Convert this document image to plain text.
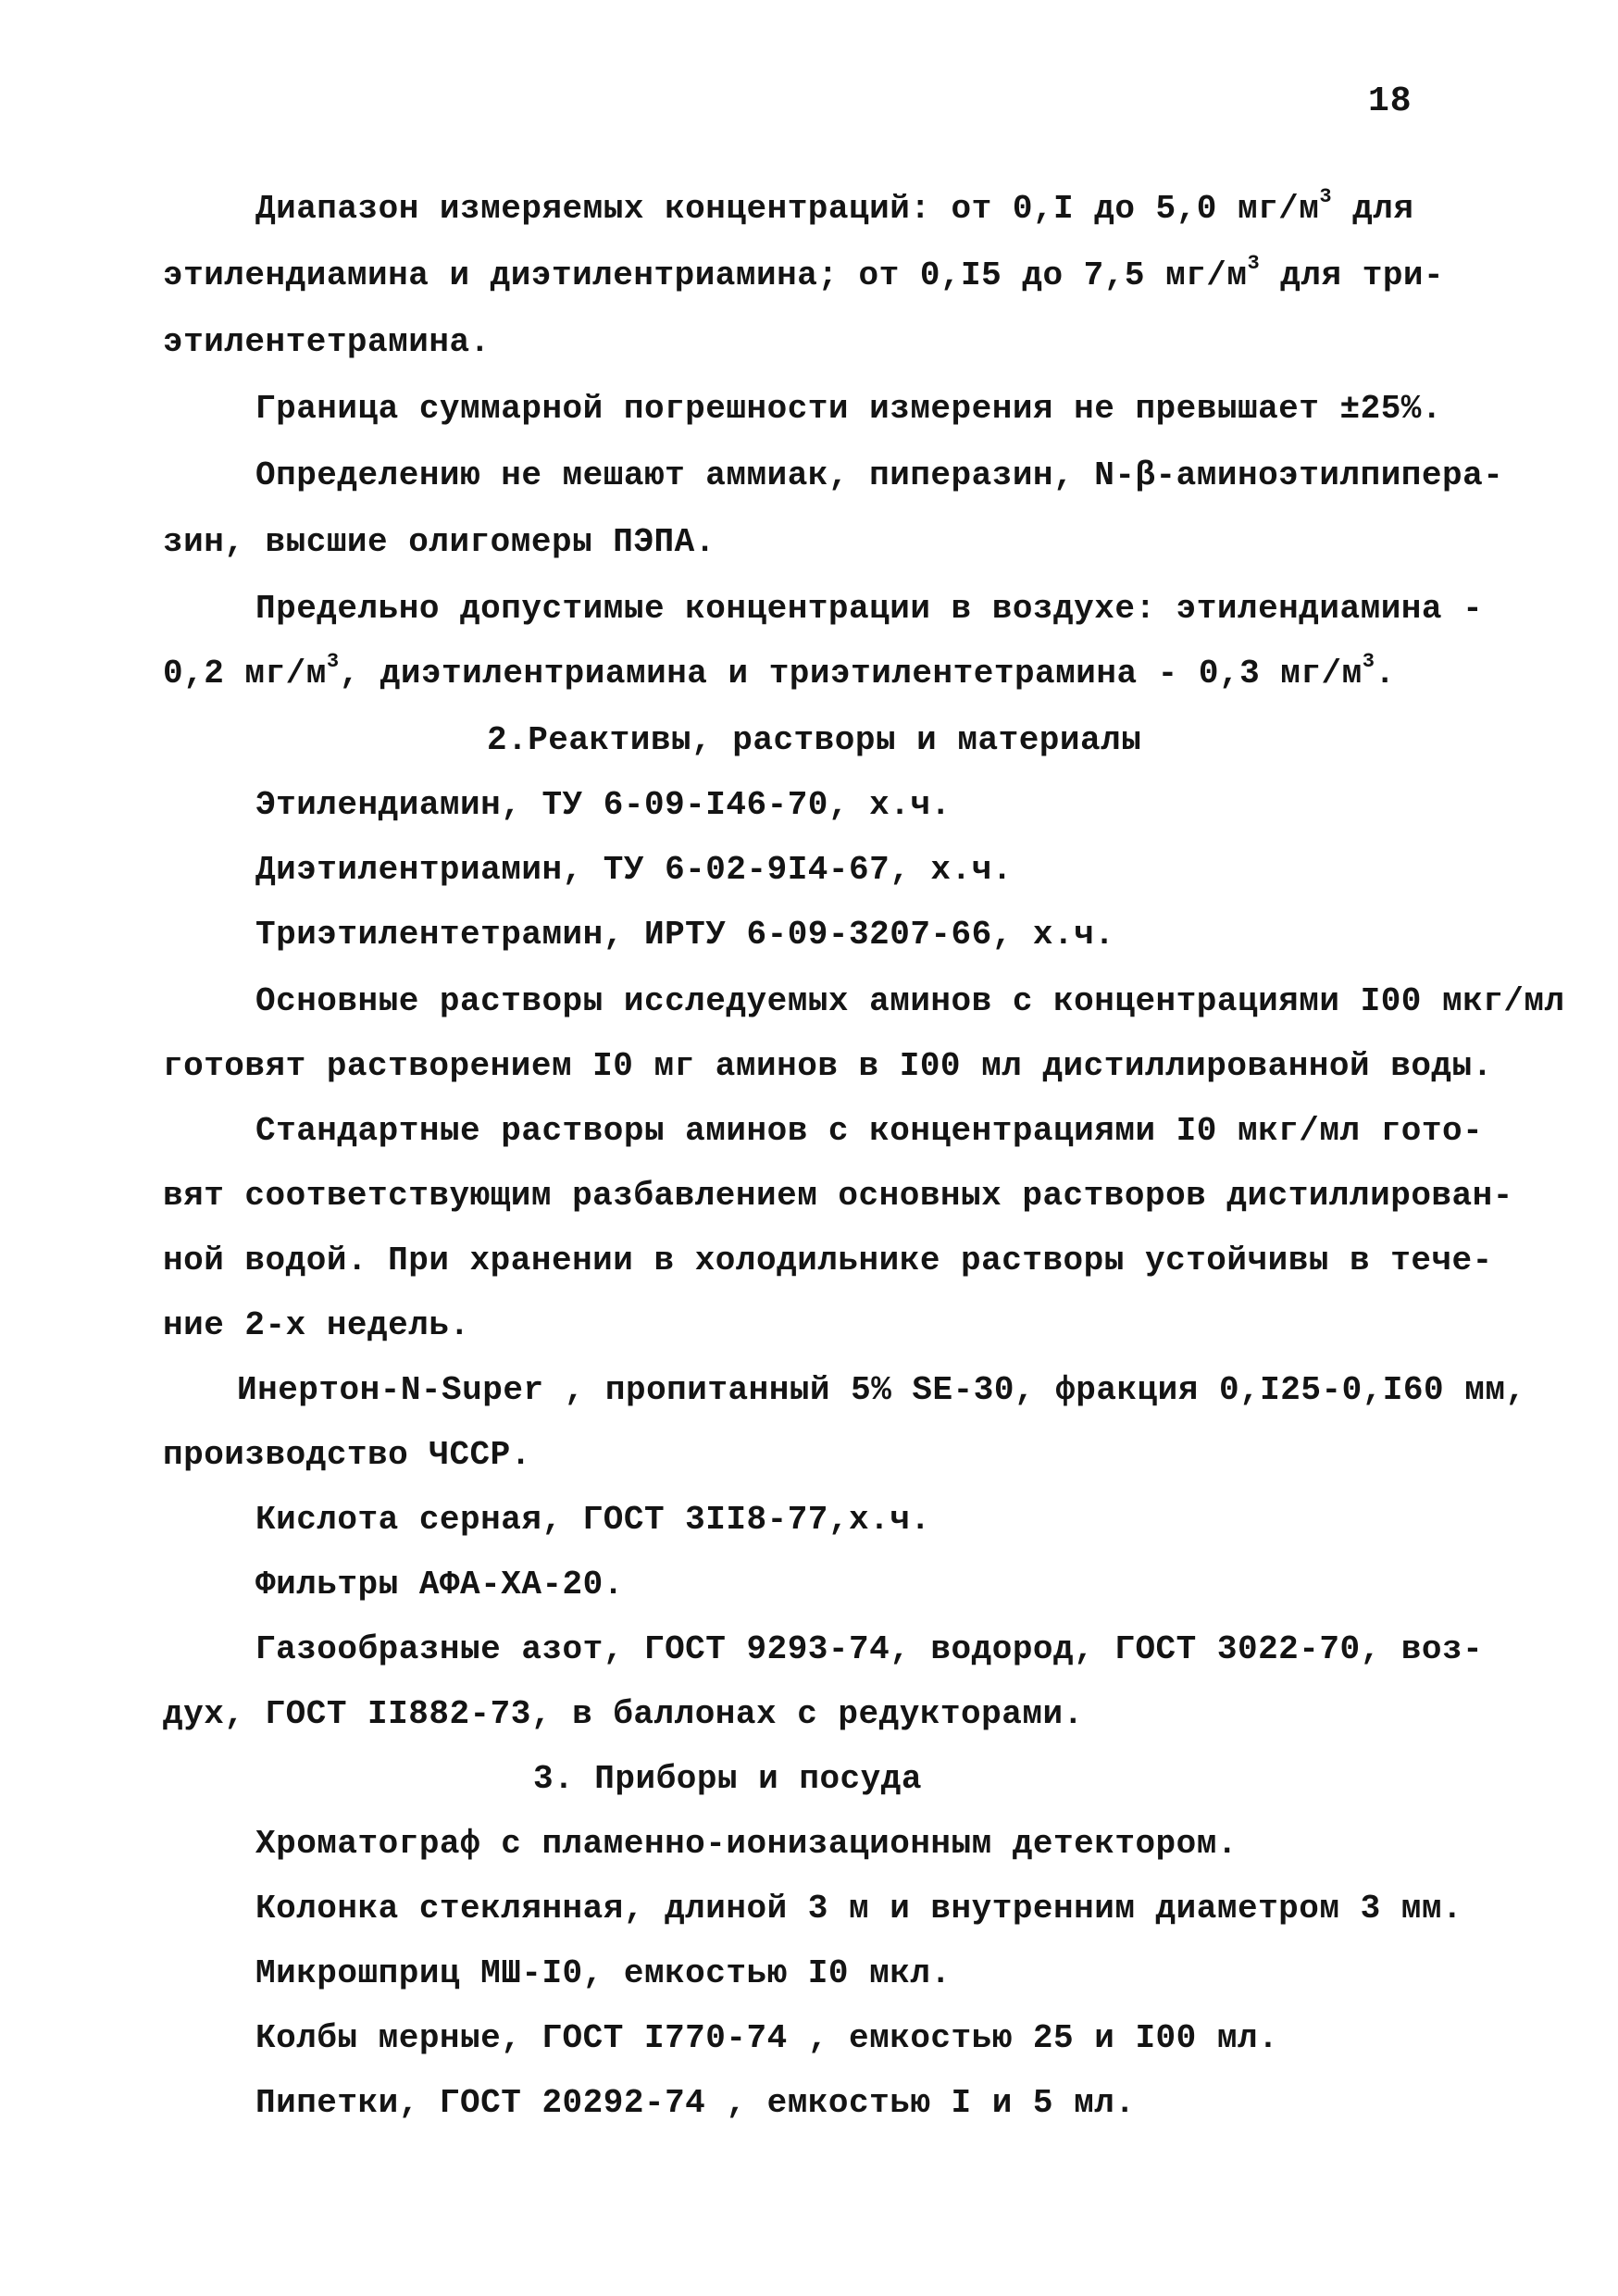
18
Диапазон измеряемых концентраций: от 0,I до 5,0 $мг/м^3$ для
этилендиамина и диэтилентриамина; от 0,I5 до 7,5 $мг/м^3$ для три-
этилентетрамина.
Граница суммарной погрешности измерения не превышает ±25%.
Определению не мешают аммиак, пиперазин, N-β-аминоэтилпипера-
зин, высшие олигомеры ПЭПА.
Предельно допустимые концентрации в воздухе: этилендиамина -
0,2 $мг/м^3$, диэтилентриамина и триэтилентетрамина - 0,3 $мг/м^3$.
2.Реактивы, растворы и материалы
Этилендиамин, ТУ 6-09-I46-70, х.ч.
Диэтилентриамин, ТУ 6-02-9I4-67, х.ч.
Триэтилентетрамин, ИРТУ 6-09-3207-66, х.ч.
Основные растворы исследуемых аминов с концентрациями I00 мкг/мл
готовят растворением I0 мг аминов в I00 мл дистиллированной воды.
Стандартные растворы аминов с концентрациями I0 мкг/мл гото-
вят соответствующим разбавлением основных растворов дистиллирован-
ной водой. При хранении в холодильнике растворы устойчивы в тече-
ние 2-х недель.
Инертон-N-Super , пропитанный 5% SE-30, фракция 0,I25-0,I60 мм,
производство ЧССР.
Кислота серная, ГОСТ 3II8-77,х.ч.
Фильтры АФА-ХА-20.
Газообразные азот, ГОСТ 9293-74, водород, ГОСТ 3022-70, воз-
дух, ГОСТ II882-73, в баллонах с редукторами.
3. Приборы и посуда
Хроматограф с пламенно-ионизационным детектором.
Колонка стеклянная, длиной 3 м и внутренним диаметром 3 мм.
Микрошприц МШ-I0, емкостью I0 мкл.
Колбы мерные, ГОСТ I770-74 , емкостью 25 и I00 мл.
Пипетки, ГОСТ 20292-74 , емкостью I и 5 мл.
